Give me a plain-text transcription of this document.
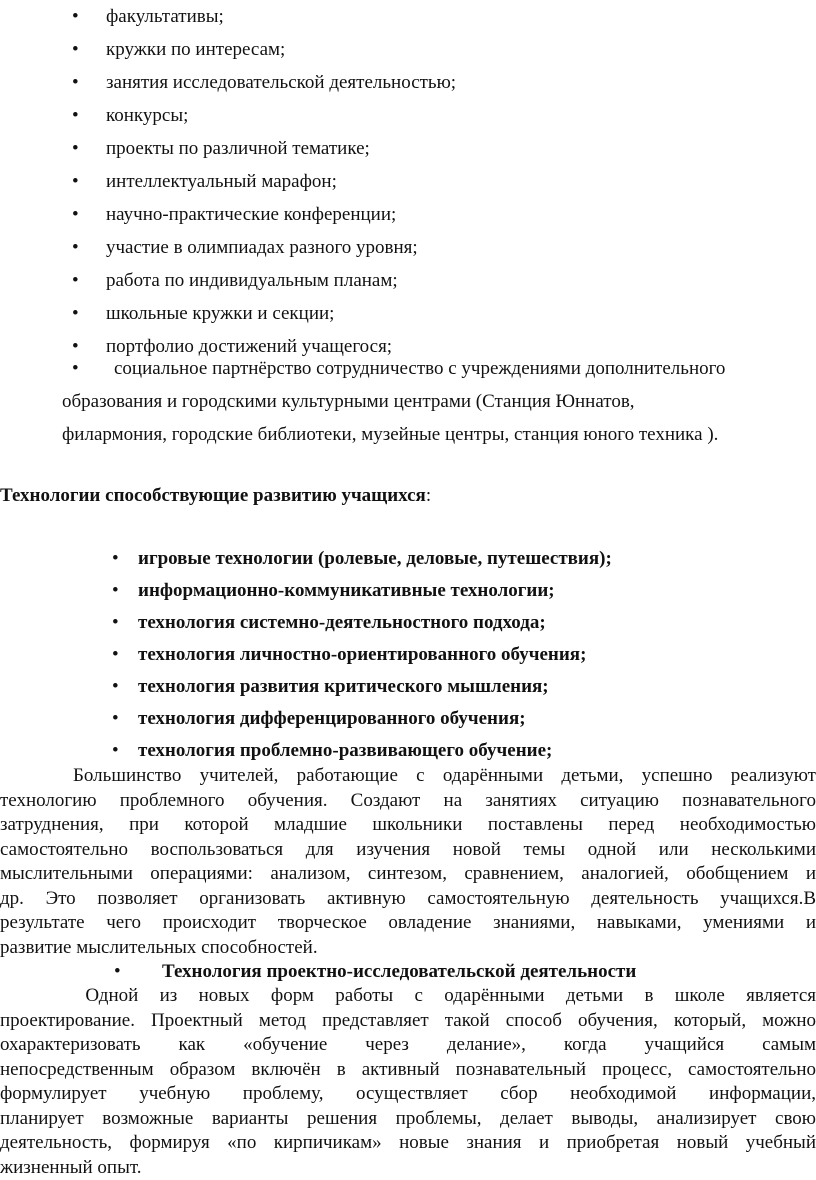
• факультативы;
• кружки по интересам;
• занятия исследовательской деятельностью;
• конкурсы;
• проекты по различной тематике;
• интеллектуальный марафон;
• научно-практические конференции;
• участие в олимпиадах разного уровня;
• работа по индивидуальным планам;
• школьные кружки и секции;
• портфолио достижений учащегося;
• социальное партнёрство сотрудничество с учреждениями дополнительного
образования и городскими культурными центрами (Станция Юннатов,
филармония, городские библиотеки, музейные центры, станция юного техника ).
Технологии способствующие развитию учащихся:
• игровые технологии (ролевые, деловые, путешествия);
• информационно-коммуникативные технологии;
• технология системно-деятельностного подхода;
• технология личностно-ориентированного обучения;
• технология развития критического мышления;
• технология дифференцированного обучения;
• технология проблемно-развивающего обучение;
Большинство  учителей,  работающие  с  одарёнными  детьми,  успешно  реализуют
технологию проблемного обучения. Создают на занятиях ситуацию познавательного
затруднения, при которой младшие школьники поставлены перед необходимостью
самостоятельно воспользоваться для изучения новой темы одной или несколькими
мыслительными операциями: анализом, синтезом, сравнением, аналогией, обобщением и
др. Это позволяет организовать активную самостоятельную деятельность учащихся.В
результате чего происходит творческое овладение знаниями, навыками, умениями и
развитие мыслительных способностей.
• Технология проектно-исследовательской деятельности
Одной  из  новых  форм  работы  с  одарёнными  детьми  в  школе  является
проектирование. Проектный метод представляет такой способ обучения, который, можно
охарактеризовать как «обучение через делание», когда учащийся самым
непосредственным образом включён в активный познавательный процесс, самостоятельно
формулирует учебную проблему, осуществляет сбор необходимой информации,
планирует возможные варианты решения проблемы, делает выводы, анализирует свою
деятельность, формируя «по кирпичикам» новые знания и приобретая новый учебный
жизненный опыт.
